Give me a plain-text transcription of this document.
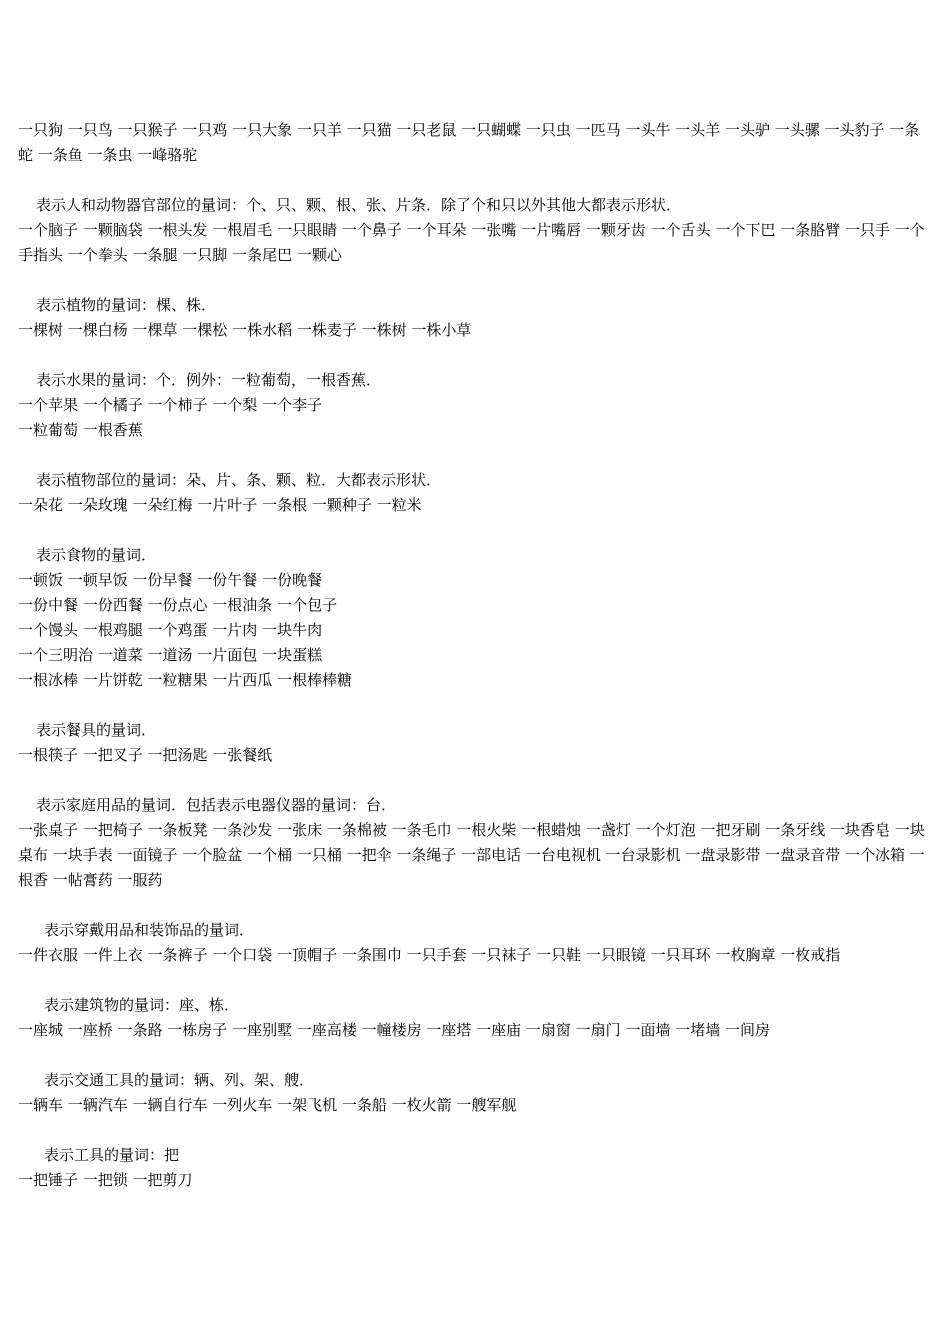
一只狗 一只鸟 一只猴子 一只鸡 一只大象 一只羊 一只猫 一只老鼠 一只蝴蝶 一只虫 一匹马 一头牛 一头羊 一头驴 一头骡 一头豹子 一条蛇 一条鱼 一条虫 一峰骆驼

表示人和动物器官部位的量词：个、只、颗、根、张、片条．除了个和只以外其他大都表示形状．

一个脑子 一颗脑袋 一根头发 一根眉毛 一只眼睛 一个鼻子 一个耳朵 一张嘴 一片嘴唇 一颗牙齿 一个舌头 一个下巴 一条胳臂 一只手 一个手指头 一个拳头 一条腿 一只脚 一条尾巴 一颗心

表示植物的量词：棵、株．

一棵树 一棵白杨 一棵草 一棵松 一株水稻 一株麦子 一株树 一株小草

表示水果的量词：个．例外：一粒葡萄，一根香蕉．

一个苹果 一个橘子 一个柿子 一个梨 一个李子

一粒葡萄 一根香蕉

表示植物部位的量词：朵、片、条、颗、粒．大都表示形状．

一朵花 一朵玫瑰 一朵红梅 一片叶子 一条根 一颗种子 一粒米

表示食物的量词．

一顿饭 一顿早饭 一份早餐 一份午餐 一份晚餐

一份中餐 一份西餐 一份点心 一根油条 一个包子

一个馒头 一根鸡腿 一个鸡蛋 一片肉 一块牛肉

一个三明治 一道菜 一道汤 一片面包 一块蛋糕

一根冰棒 一片饼乾 一粒糖果 一片西瓜 一根棒棒糖

表示餐具的量词．

一根筷子 一把叉子 一把汤匙 一张餐纸

表示家庭用品的量词．包括表示电器仪器的量词：台．

一张桌子 一把椅子 一条板凳 一条沙发 一张床 一条棉被 一条毛巾 一根火柴 一根蜡烛 一盏灯 一个灯泡 一把牙刷 一条牙线 一块香皂 一块桌布 一块手表 一面镜子 一个脸盆 一个桶 一只桶 一把伞 一条绳子 一部电话 一台电视机 一台录影机 一盘录影带 一盘录音带 一个冰箱 一根香 一帖膏药 一服药

表示穿戴用品和装饰品的量词．

一件衣服 一件上衣 一条裤子 一个口袋 一顶帽子 一条围巾 一只手套 一只袜子 一只鞋 一只眼镜 一只耳环 一枚胸章 一枚戒指

表示建筑物的量词：座、栋．

一座城 一座桥 一条路 一栋房子 一座别墅 一座高楼 一幢楼房 一座塔 一座庙 一扇窗 一扇门 一面墙 一堵墙 一间房

表示交通工具的量词：辆、列、架、艘．

一辆车 一辆汽车 一辆自行车 一列火车 一架飞机 一条船 一枚火箭 一艘军舰

表示工具的量词：把

一把锤子 一把锁 一把剪刀
